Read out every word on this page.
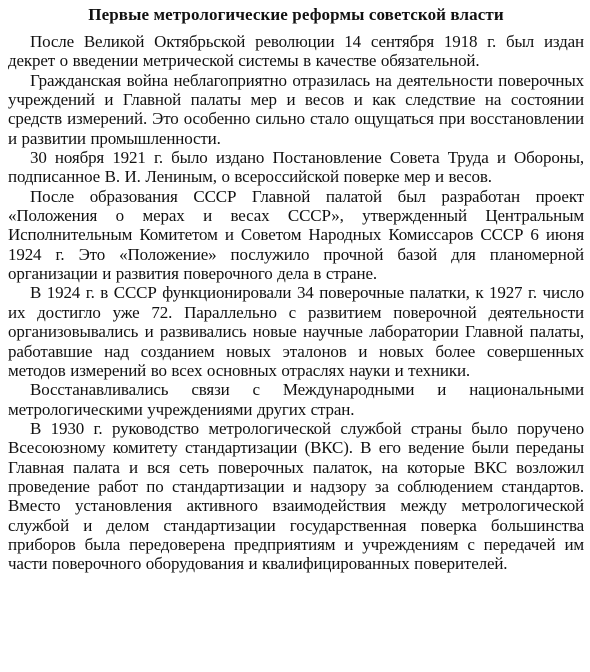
Первые метрологические реформы советской власти

После Великой Октябрьской революции 14 сентября 1918 г. был издан декрет о введении метрической системы в качестве обязательной.

Гражданская война неблагоприятно отразилась на деятельности поверочных учреждений и Главной палаты мер и весов и как следствие на состоянии средств измерений. Это особенно сильно стало ощущаться при восстановлении и развитии промышленности.

30 ноября 1921 г. было издано Постановление Совета Труда и Обороны, подписанное В. И. Лениным, о всероссийской поверке мер и весов.

После образования СССР Главной палатой был разработан проект «Положения о мерах и весах СССР», утвержденный Центральным Исполнительным Комитетом и Советом Народных Комиссаров СССР 6 июня 1924 г. Это «Положение» послужило прочной базой для планомерной организации и развития поверочного дела в стране.

В 1924 г. в СССР функционировали 34 поверочные палатки, к 1927 г. число их достигло уже 72. Параллельно с развитием поверочной деятельности организовывались и развивались новые научные лаборатории Главной палаты, работавшие над созданием новых эталонов и новых более совершенных методов измерений во всех основных отраслях науки и техники.

Восстанавливались связи с Международными и национальными метрологическими учреждениями других стран.

В 1930 г. руководство метрологической службой страны было поручено Всесоюзному комитету стандартизации (ВКС). В его ведение были переданы Главная палата и вся сеть поверочных палаток, на которые ВКС возложил проведение работ по стандартизации и надзору за соблюдением стандартов. Вместо установления активного взаимодействия между метрологической службой и делом стандартизации государственная поверка большинства приборов была передоверена предприятиям и учреждениям с передачей им части поверочного оборудования и квалифицированных поверителей.
